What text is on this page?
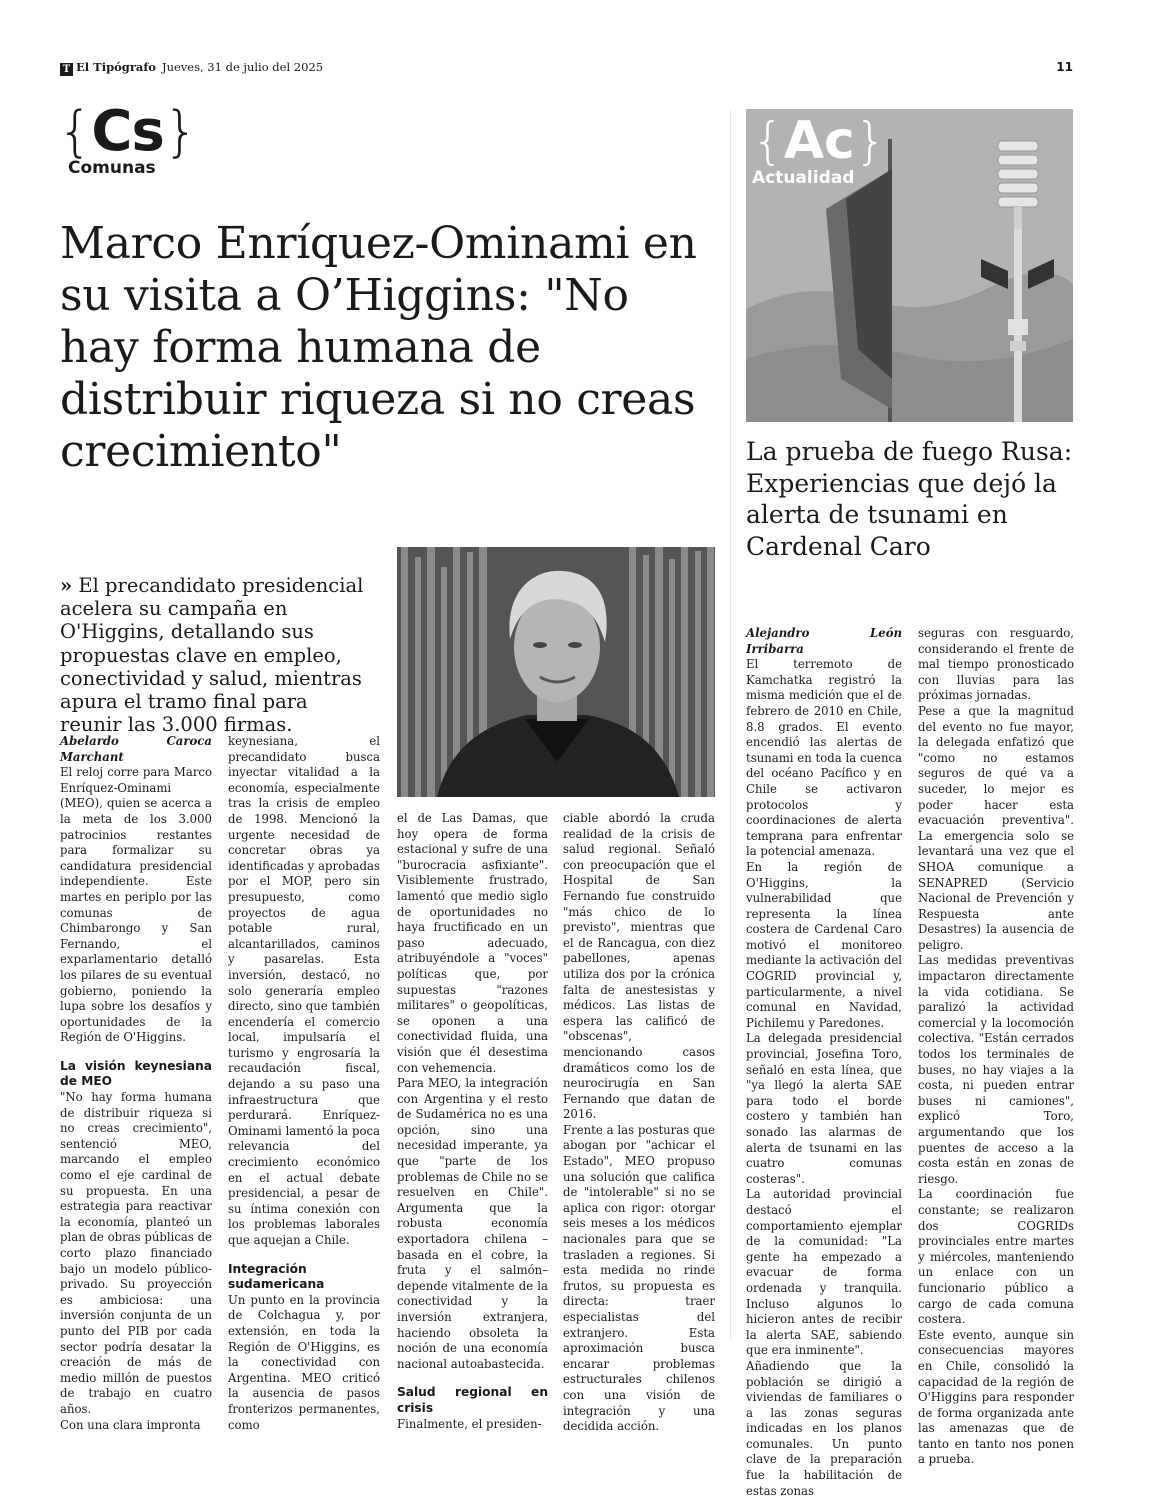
T El Tipógrafo Jueves, 31 de julio del 2025	11
{Cs}
Comunas
Marco Enríquez-Ominami en su visita a O’Higgins: "No hay forma humana de distribuir riqueza si no creas crecimiento"

» El precandidato presidencial acelera su campaña en O'Higgins, detallando sus propuestas clave en empleo, conectividad y salud, mientras apura el tramo final para reunir las 3.000 firmas.

Abelardo Caroca Marchant

El reloj corre para Marco Enríquez-Ominami (MEO), quien se acerca a la meta de los 3.000 patrocinios restantes para formalizar su candidatura presidencial independiente. Este martes en periplo por las comunas de Chimbarongo y San Fernando, el exparlamentario detalló los pilares de su eventual gobierno, poniendo la lupa sobre los desafíos y oportunidades de la Región de O'Higgins.

La visión keynesiana de MEO

"No hay forma humana de distribuir riqueza si no creas crecimiento", sentenció MEO, marcando el empleo como el eje cardinal de su propuesta. En una estrategia para reactivar la economía, planteó un plan de obras públicas de corto plazo financiado bajo un modelo público-privado. Su proyección es ambiciosa: una inversión conjunta de un punto del PIB por cada sector podría desatar la creación de más de medio millón de puestos de trabajo en cuatro años.

Con una clara impronta

keynesiana, el precandidato busca inyectar vitalidad a la economía, especialmente tras la crisis de empleo de 1998. Mencionó la urgente necesidad de concretar obras ya identificadas y aprobadas por el MOP, pero sin presupuesto, como proyectos de agua potable rural, alcantarillados, caminos y pasarelas. Esta inversión, destacó, no solo generaría empleo directo, sino que también encendería el comercio local, impulsaría el turismo y engrosaría la recaudación fiscal, dejando a su paso una infraestructura que perdurará. Enríquez-Ominami lamentó la poca relevancia del crecimiento económico en el actual debate presidencial, a pesar de su íntima conexión con los problemas laborales que aquejan a Chile.

Integración sudamericana

Un punto en la provincia de Colchagua y, por extensión, en toda la Región de O'Higgins, es la conectividad con Argentina. MEO criticó la ausencia de pasos fronterizos permanentes, como

el de Las Damas, que hoy opera de forma estacional y sufre de una "burocracia asfixiante". Visiblemente frustrado, lamentó que medio siglo de oportunidades no haya fructificado en un paso adecuado, atribuyéndole a "voces" políticas que, por supuestas "razones militares" o geopolíticas, se oponen a una conectividad fluida, una visión que él desestima con vehemencia.

Para MEO, la integración con Argentina y el resto de Sudamérica no es una opción, sino una necesidad imperante, ya que "parte de los problemas de Chile no se resuelven en Chile". Argumenta que la robusta economía exportadora chilena –basada en el cobre, la fruta y el salmón– depende vitalmente de la conectividad y la inversión extranjera, haciendo obsoleta la noción de una economía nacional autoabastecida.

Salud regional en crisis

Finalmente, el presiden-

ciable abordó la cruda realidad de la crisis de salud regional. Señaló con preocupación que el Hospital de San Fernando fue construido "más chico de lo previsto", mientras que el de Rancagua, con diez pabellones, apenas utiliza dos por la crónica falta de anestesistas y médicos. Las listas de espera las calificó de "obscenas", mencionando casos dramáticos como los de neurocirugía en San Fernando que datan de 2016.

Frente a las posturas que abogan por "achicar el Estado", MEO propuso una solución que califica de "intolerable" si no se aplica con rigor: otorgar seis meses a los médicos nacionales para que se trasladen a regiones. Si esta medida no rinde frutos, su propuesta es directa: traer especialistas del extranjero. Esta aproximación busca encarar problemas estructurales chilenos con una visión de integración y una decidida acción.

{Ac}
Actualidad
La prueba de fuego Rusa: Experiencias que dejó la alerta de tsunami en Cardenal Caro

Alejandro León Irribarra

El terremoto de Kamchatka registró la misma medición que el de febrero de 2010 en Chile, 8.8 grados. El evento encendió las alertas de tsunami en toda la cuenca del océano Pacífico y en Chile se activaron protocolos y coordinaciones de alerta temprana para enfrentar la potencial amenaza.

En la región de O'Higgins, la vulnerabilidad que representa la línea costera de Cardenal Caro motivó el monitoreo mediante la activación del COGRID provincial y, particularmente, a nivel comunal en Navidad, Pichilemu y Paredones.

La delegada presidencial provincial, Josefina Toro, señaló en esta línea, que "ya llegó la alerta SAE para todo el borde costero y también han sonado las alarmas de alerta de tsunami en las cuatro comunas costeras".

La autoridad provincial destacó el comportamiento ejemplar de la comunidad: "La gente ha empezado a evacuar de forma ordenada y tranquila. Incluso algunos lo hicieron antes de recibir la alerta SAE, sabiendo que era inminente".

Añadiendo que la población se dirigió a viviendas de familiares o a las zonas seguras indicadas en los planos comunales. Un punto clave de la preparación fue la habilitación de estas zonas

seguras con resguardo, considerando el frente de mal tiempo pronosticado con lluvias para las próximas jornadas.

Pese a que la magnitud del evento no fue mayor, la delegada enfatizó que "como no estamos seguros de qué va a suceder, lo mejor es poder hacer esta evacuación preventiva". La emergencia solo se levantará una vez que el SHOA comunique a SENAPRED (Servicio Nacional de Prevención y Respuesta ante Desastres) la ausencia de peligro.

Las medidas preventivas impactaron directamente la vida cotidiana. Se paralizó la actividad comercial y la locomoción colectiva. "Están cerrados todos los terminales de buses, no hay viajes a la costa, ni pueden entrar buses ni camiones", explicó Toro, argumentando que los puentes de acceso a la costa están en zonas de riesgo.

La coordinación fue constante; se realizaron dos COGRIDs provinciales entre martes y miércoles, manteniendo un enlace con un funcionario público a cargo de cada comuna costera.

Este evento, aunque sin consecuencias mayores en Chile, consolidó la capacidad de la región de O'Higgins para responder de forma organizada ante las amenazas que de tanto en tanto nos ponen a prueba.
